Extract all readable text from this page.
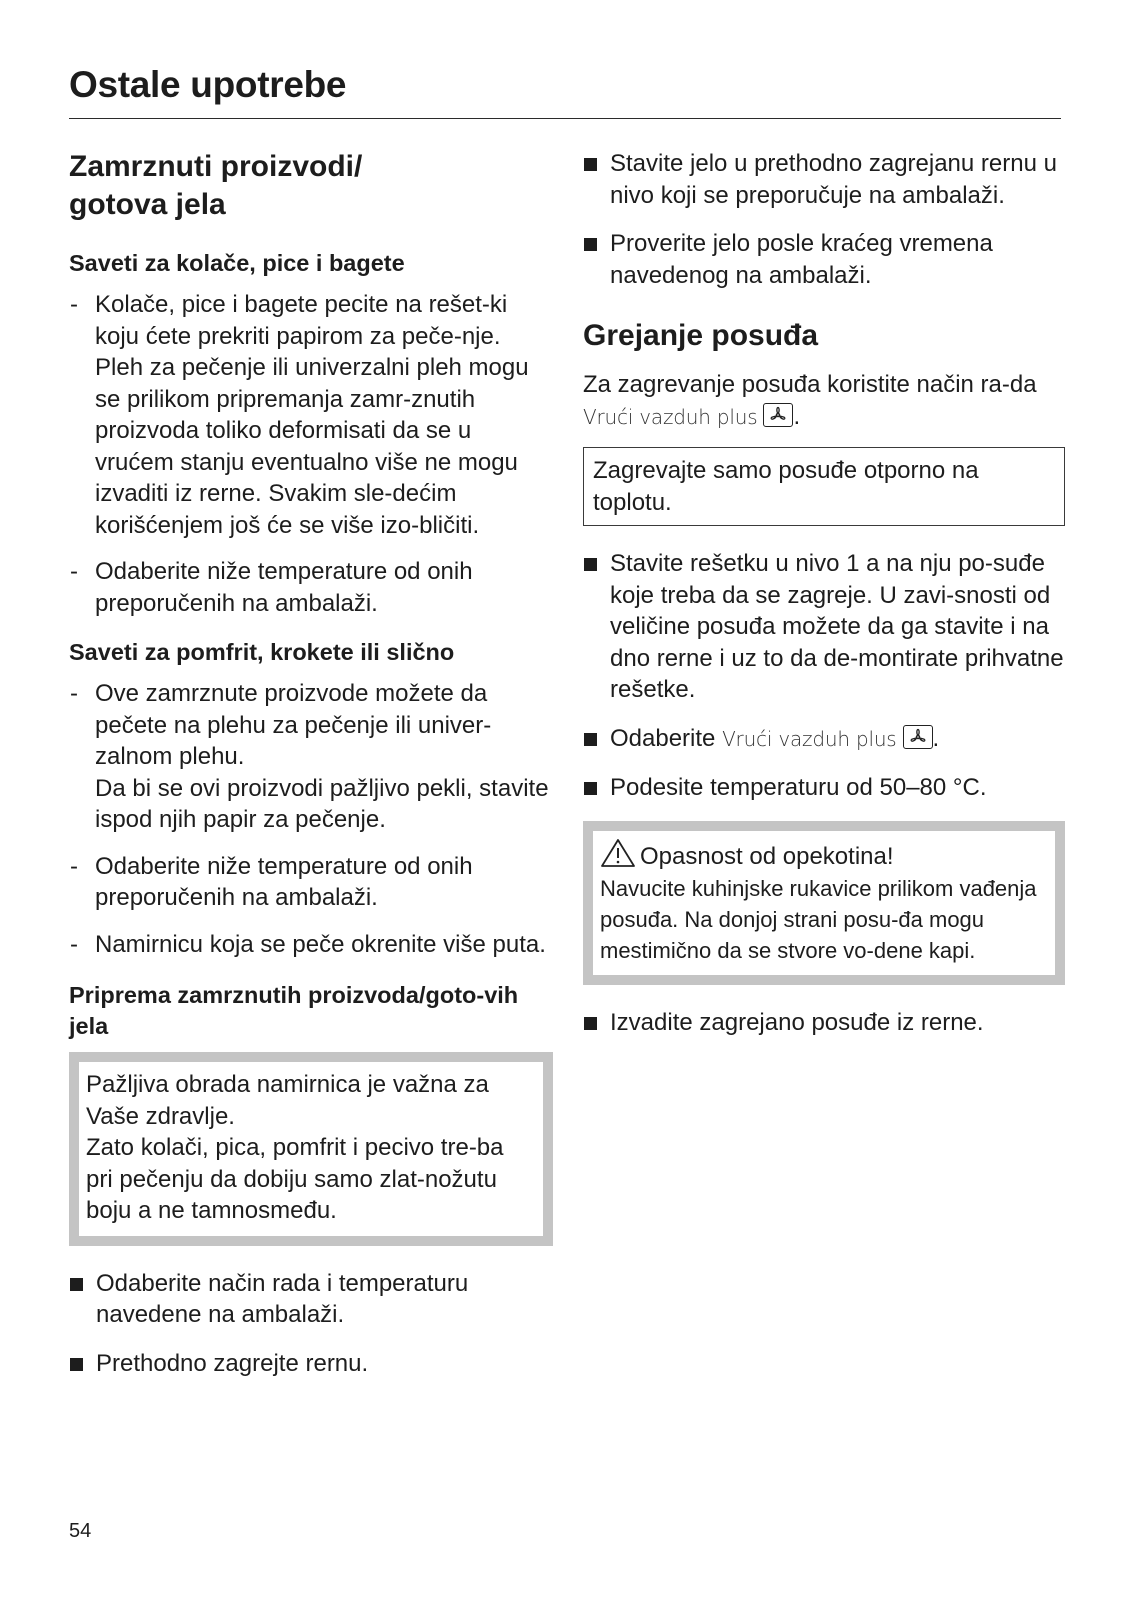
Ostale upotrebe
Zamrznuti proizvodi/
gotova jela
Saveti za kolače, pice i bagete
- Kolače, pice i bagete pecite na rešet-ki koju ćete prekriti papirom za peče-nje.
Pleh za pečenje ili univerzalni pleh mogu se prilikom pripremanja zamr-znutih proizvoda toliko deformisati da se u vrućem stanju eventualno više ne mogu izvaditi iz rerne. Svakim sle-dećim korišćenjem još će se više izo-bličiti.
- Odaberite niže temperature od onih preporučenih na ambalaži.
Saveti za pomfrit, krokete ili slično
- Ove zamrznute proizvode možete da pečete na plehu za pečenje ili univer-zalnom plehu.
Da bi se ovi proizvodi pažljivo pekli, stavite ispod njih papir za pečenje.
- Odaberite niže temperature od onih preporučenih na ambalaži.
- Namirnicu koja se peče okrenite više puta.
Priprema zamrznutih proizvoda/goto-vih jela
Pažljiva obrada namirnica je važna za Vaše zdravlje.
Zato kolači, pica, pomfrit i pecivo tre-ba pri pečenju da dobiju samo zlat-nožutu boju a ne tamnosmeđu.
Odaberite način rada i temperaturu navedene na ambalaži.
Prethodno zagrejte rernu.
Stavite jelo u prethodno zagrejanu rernu u nivo koji se preporučuje na ambalaži.
Proverite jelo posle kraćeg vremena navedenog na ambalaži.
Grejanje posuđa
Za zagrevanje posuđa koristite način ra-da Vrući vazduh plus .
Zagrevajte samo posuđe otporno na toplotu.
Stavite rešetku u nivo 1 a na nju po-suđe koje treba da se zagreje. U zavi-snosti od veličine posuđa možete da ga stavite i na dno rerne i uz to da de-montirate prihvatne rešetke.
Odaberite Vrući vazduh plus .
Podesite temperaturu od 50–80 °C.
Opasnost od opekotina!
Navucite kuhinjske rukavice prilikom vađenja posuđa. Na donjoj strani posu-đa mogu mestimično da se stvore vo-dene kapi.
Izvadite zagrejano posuđe iz rerne.
54
